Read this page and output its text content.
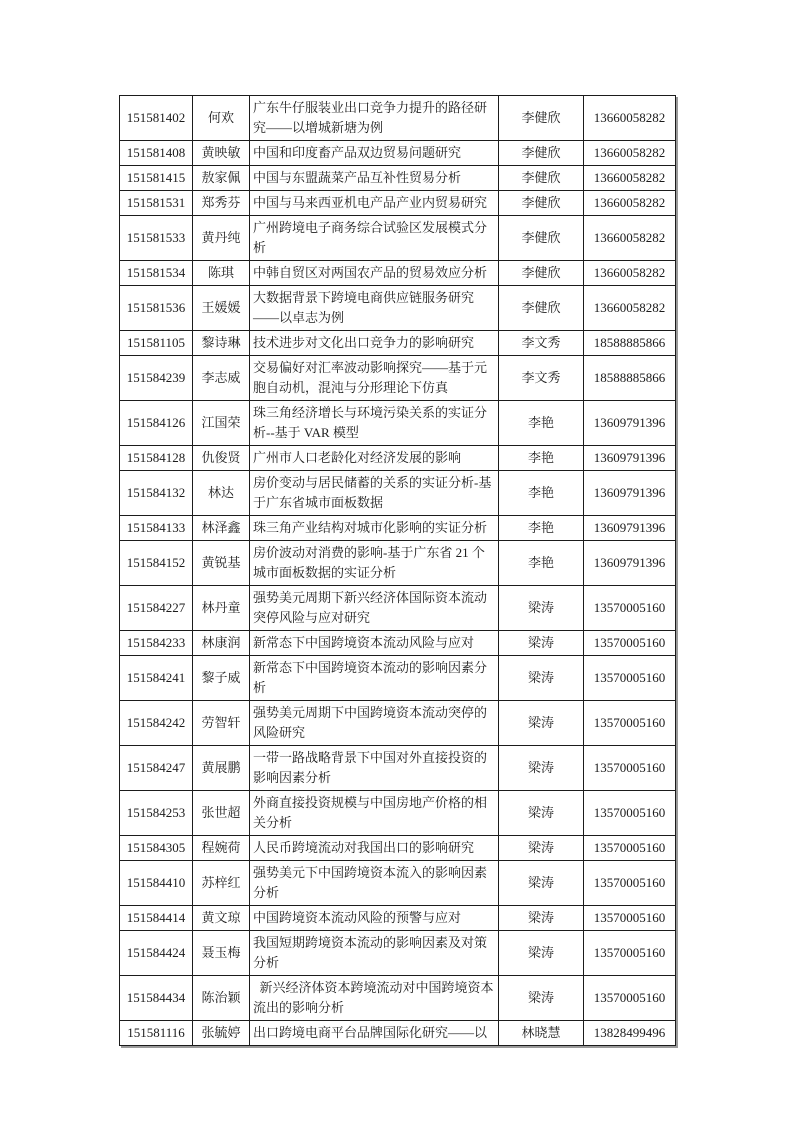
151581402	何欢	广东牛仔服装业出口竞争力提升的路径研究——以增城新塘为例	李健欣	13660058282
151581408	黄映敏	中国和印度畜产品双边贸易问题研究	李健欣	13660058282
151581415	敖家佩	中国与东盟蔬菜产品互补性贸易分析	李健欣	13660058282
151581531	郑秀芬	中国与马来西亚机电产品产业内贸易研究	李健欣	13660058282
151581533	黄丹纯	广州跨境电子商务综合试验区发展模式分析	李健欣	13660058282
151581534	陈琪	中韩自贸区对两国农产品的贸易效应分析	李健欣	13660058282
151581536	王媛媛	大数据背景下跨境电商供应链服务研究——以卓志为例	李健欣	13660058282
151581105	黎诗琳	技术进步对文化出口竞争力的影响研究	李文秀	18588885866
151584239	李志威	交易偏好对汇率波动影响探究——基于元胞自动机，混沌与分形理论下仿真	李文秀	18588885866
151584126	江国荣	珠三角经济增长与环境污染关系的实证分析--基于 VAR 模型	李艳	13609791396
151584128	仇俊贤	广州市人口老龄化对经济发展的影响	李艳	13609791396
151584132	林达	房价变动与居民储蓄的关系的实证分析-基于广东省城市面板数据	李艳	13609791396
151584133	林泽鑫	珠三角产业结构对城市化影响的实证分析	李艳	13609791396
151584152	黄锐基	房价波动对消费的影响-基于广东省 21 个城市面板数据的实证分析	李艳	13609791396
151584227	林丹童	强势美元周期下新兴经济体国际资本流动突停风险与应对研究	梁涛	13570005160
151584233	林康润	新常态下中国跨境资本流动风险与应对	梁涛	13570005160
151584241	黎子威	新常态下中国跨境资本流动的影响因素分析	梁涛	13570005160
151584242	劳智轩	强势美元周期下中国跨境资本流动突停的风险研究	梁涛	13570005160
151584247	黄展鹏	一带一路战略背景下中国对外直接投资的影响因素分析	梁涛	13570005160
151584253	张世超	外商直接投资规模与中国房地产价格的相关分析	梁涛	13570005160
151584305	程婉荷	人民币跨境流动对我国出口的影响研究	梁涛	13570005160
151584410	苏梓红	强势美元下中国跨境资本流入的影响因素分析	梁涛	13570005160
151584414	黄文琼	中国跨境资本流动风险的预警与应对	梁涛	13570005160
151584424	聂玉梅	我国短期跨境资本流动的影响因素及对策分析	梁涛	13570005160
151584434	陈治颖	新兴经济体资本跨境流动对中国跨境资本流出的影响分析	梁涛	13570005160
151581116	张毓婷	出口跨境电商平台品牌国际化研究——以	林晓慧	13828499496
